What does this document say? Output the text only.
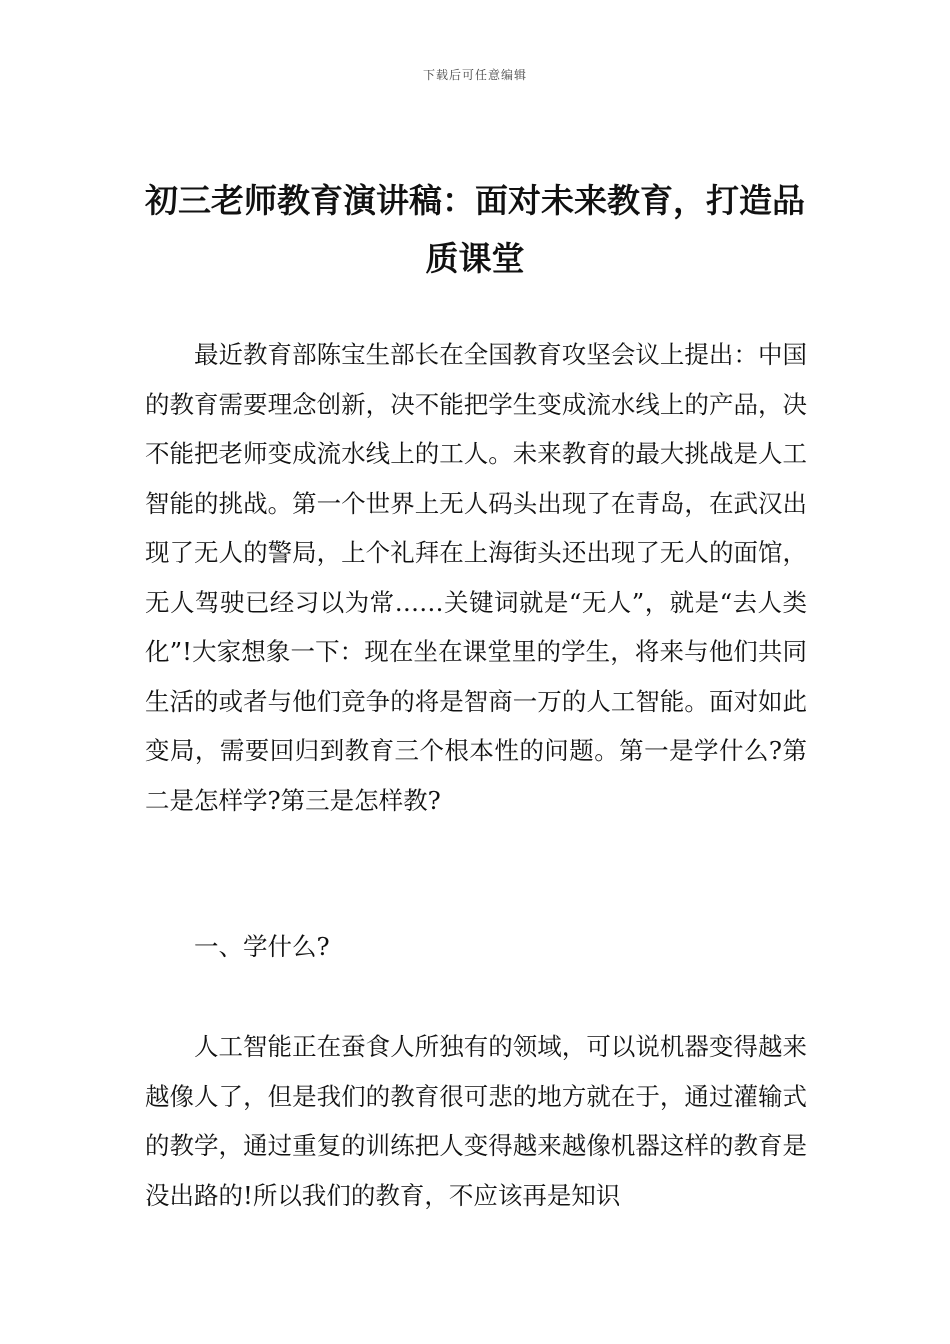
下载后可任意编辑
初三老师教育演讲稿：面对未来教育，打造品质课堂

最近教育部陈宝生部长在全国教育攻坚会议上提出：中国的教育需要理念创新，决不能把学生变成流水线上的产品，决不能把老师变成流水线上的工人。未来教育的最大挑战是人工智能的挑战。第一个世界上无人码头出现了在青岛，在武汉出现了无人的警局，上个礼拜在上海街头还出现了无人的面馆，无人驾驶已经习以为常……关键词就是“无人”，就是“去人类化”!大家想象一下：现在坐在课堂里的学生，将来与他们共同生活的或者与他们竞争的将是智商一万的人工智能。面对如此变局，需要回归到教育三个根本性的问题。第一是学什么?第二是怎样学?第三是怎样教?

一、学什么?

人工智能正在蚕食人所独有的领域，可以说机器变得越来越像人了，但是我们的教育很可悲的地方就在于，通过灌输式的教学，通过重复的训练把人变得越来越像机器这样的教育是没出路的!所以我们的教育，不应该再是知识
